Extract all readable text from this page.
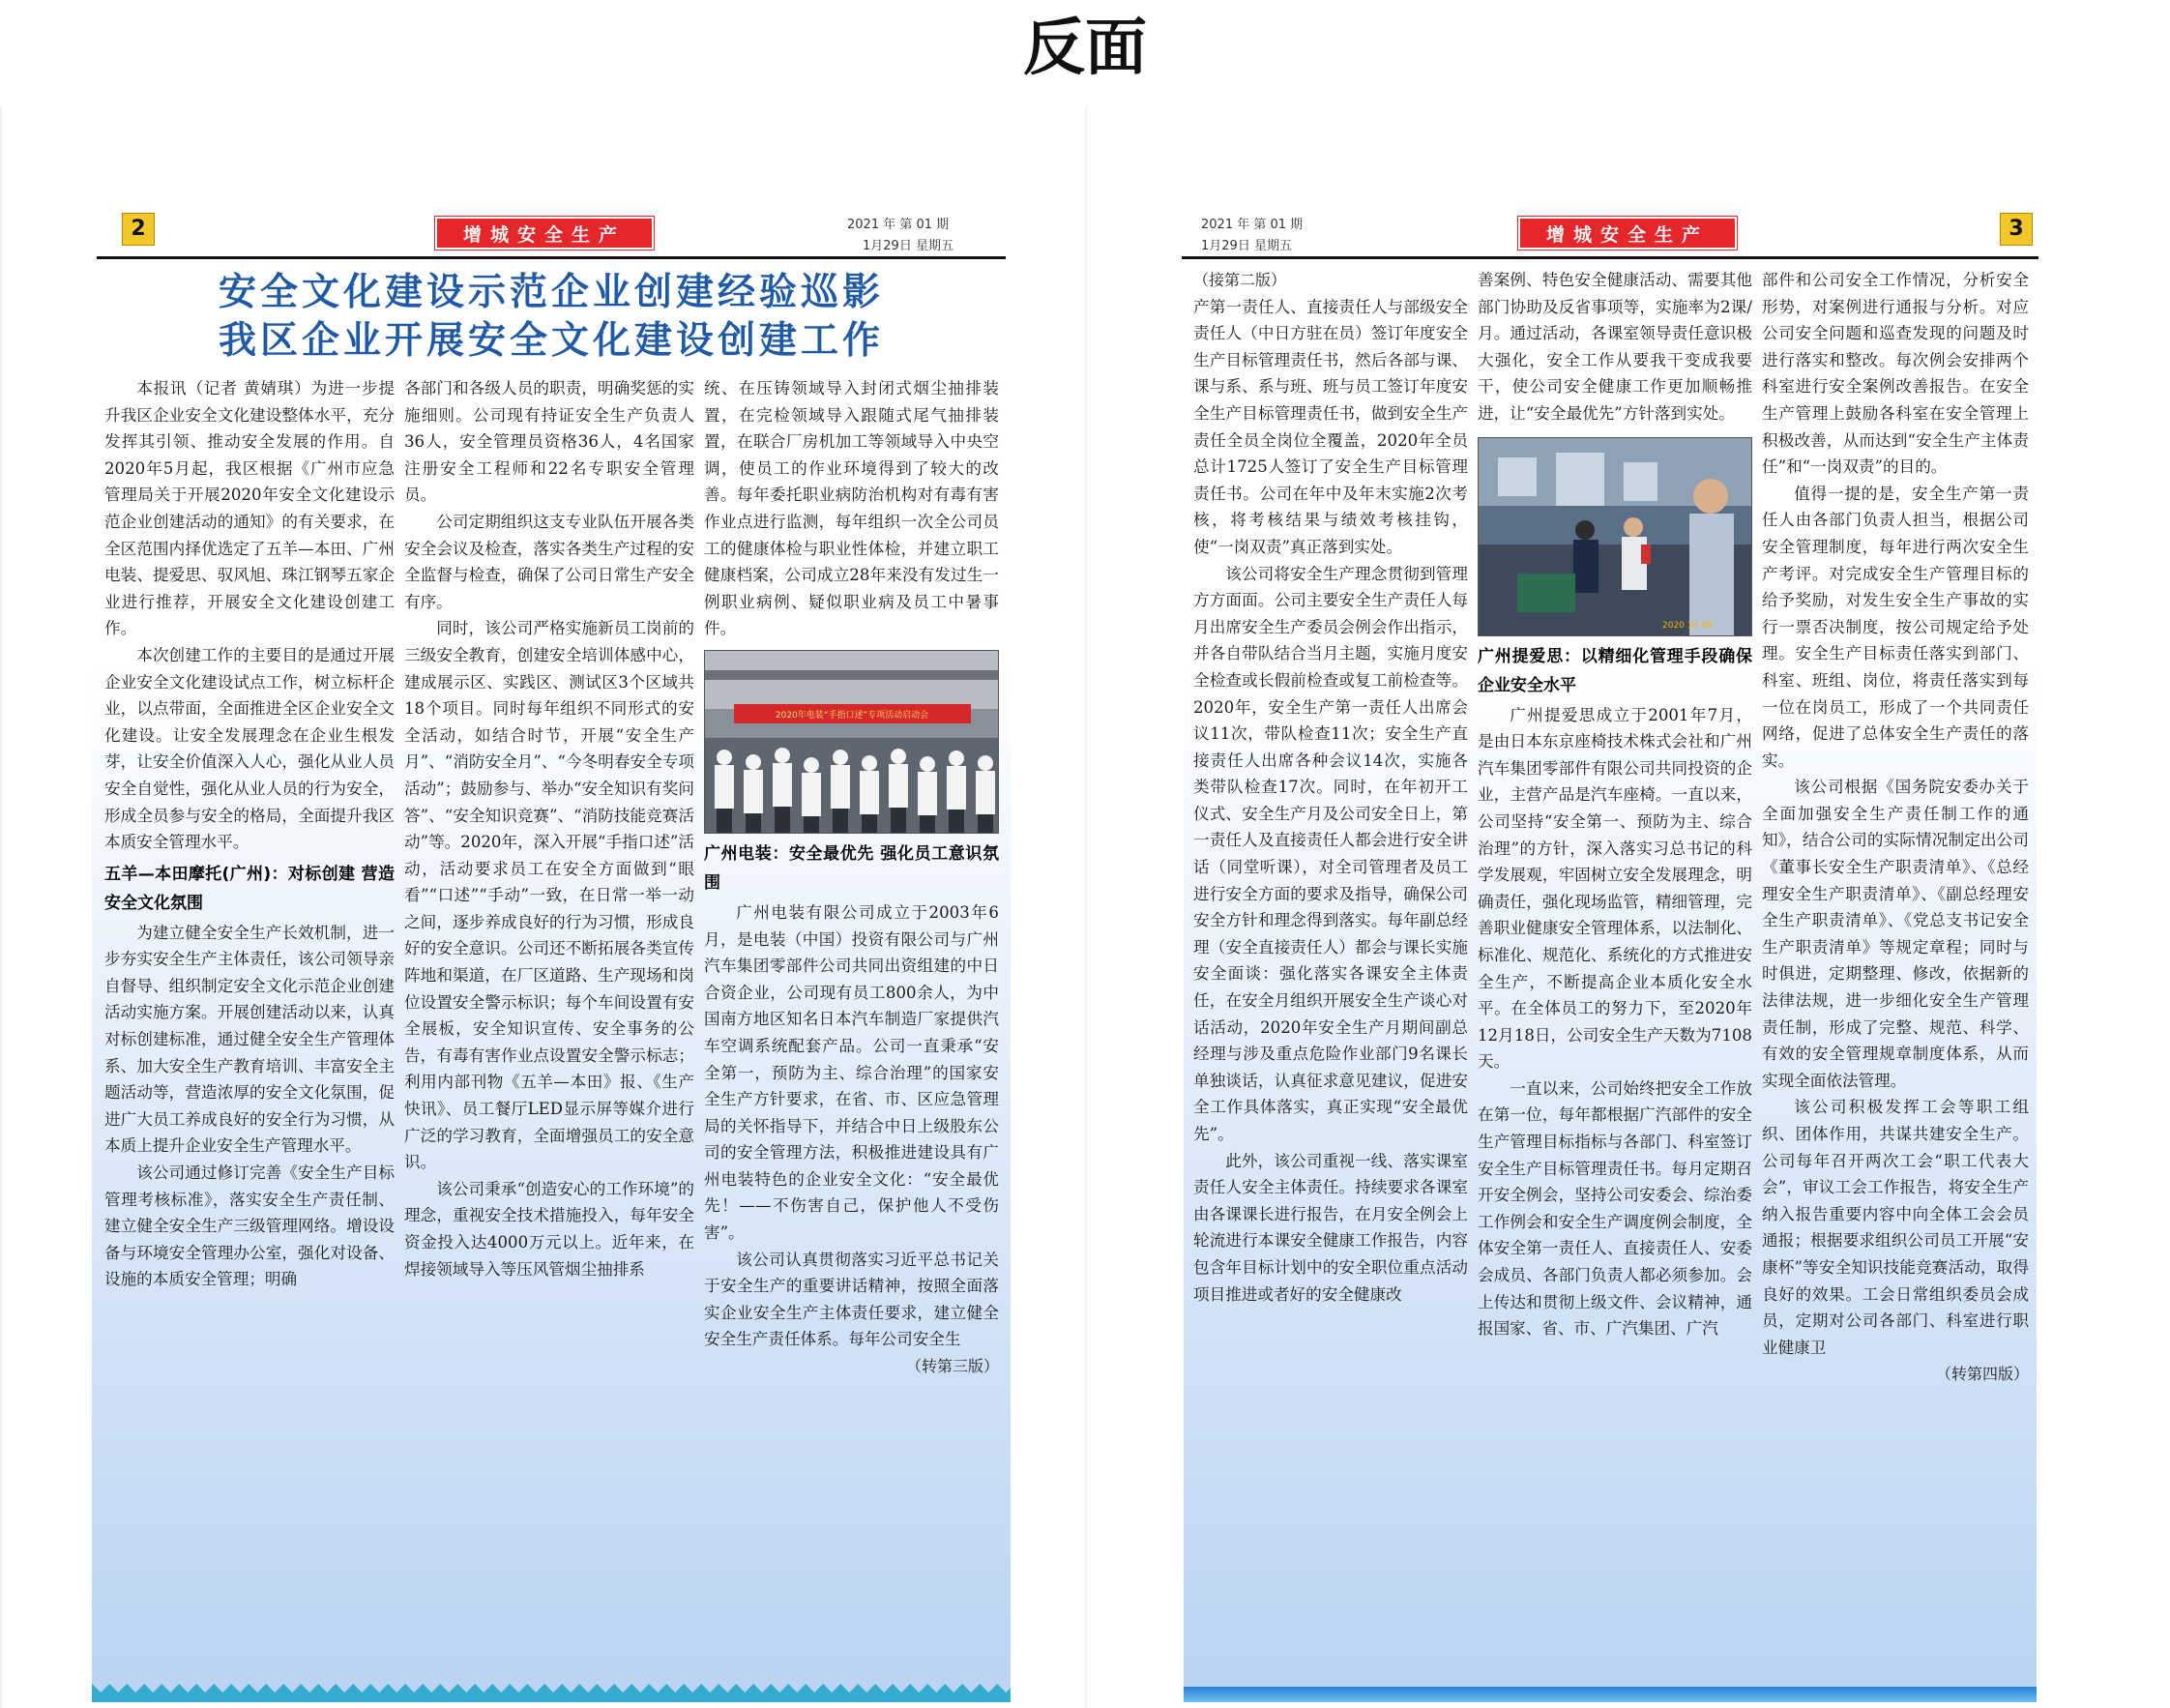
反面
2	增城安全生产	2021 年 第 01 期
1月29日 星期五
安全文化建设示范企业创建经验巡影
我区企业开展安全文化建设创建工作

本报讯（记者 黄婧琪）为进一步提升我区企业安全文化建设整体水平，充分发挥其引领、推动安全发展的作用。自2020年5月起，我区根据《广州市应急管理局关于开展2020年安全文化建设示范企业创建活动的通知》的有关要求，在全区范围内择优选定了五羊—本田、广州电装、提爱思、驭风旭、珠江钢琴五家企业进行推荐，开展安全文化建设创建工作。

本次创建工作的主要目的是通过开展企业安全文化建设试点工作，树立标杆企业，以点带面，全面推进全区企业安全文化建设。让安全发展理念在企业生根发芽，让安全价值深入人心，强化从业人员安全自觉性，强化从业人员的行为安全，形成全员参与安全的格局，全面提升我区本质安全管理水平。

五羊—本田摩托(广州)：对标创建 营造安全文化氛围

为建立健全安全生产长效机制，进一步夯实安全生产主体责任，该公司领导亲自督导、组织制定安全文化示范企业创建活动实施方案。开展创建活动以来，认真对标创建标准，通过健全安全生产管理体系、加大安全生产教育培训、丰富安全主题活动等，营造浓厚的安全文化氛围，促进广大员工养成良好的安全行为习惯，从本质上提升企业安全生产管理水平。

该公司通过修订完善《安全生产目标管理考核标准》，落实安全生产责任制、建立健全安全生产三级管理网络。增设设备与环境安全管理办公室，强化对设备、设施的本质安全管理；明确

各部门和各级人员的职责，明确奖惩的实施细则。公司现有持证安全生产负责人36人，安全管理员资格36人，4名国家注册安全工程师和22名专职安全管理员。

公司定期组织这支专业队伍开展各类安全会议及检查，落实各类生产过程的安全监督与检查，确保了公司日常生产安全有序。

同时，该公司严格实施新员工岗前的三级安全教育，创建安全培训体感中心，建成展示区、实践区、测试区3个区域共18个项目。同时每年组织不同形式的安全活动，如结合时节，开展“安全生产月”、“消防安全月”、“今冬明春安全专项活动”；鼓励参与、举办“安全知识有奖问答”、“安全知识竞赛”、“消防技能竞赛活动”等。2020年，深入开展“手指口述”活动，活动要求员工在安全方面做到“眼看”“口述”“手动”一致，在日常一举一动之间，逐步养成良好的行为习惯，形成良好的安全意识。公司还不断拓展各类宣传阵地和渠道，在厂区道路、生产现场和岗位设置安全警示标识；每个车间设置有安全展板，安全知识宣传、安全事务的公告，有毒有害作业点设置安全警示标志；利用内部刊物《五羊—本田》报、《生产快讯》、员工餐厅LED显示屏等媒介进行广泛的学习教育，全面增强员工的安全意识。

该公司秉承“创造安心的工作环境”的理念，重视安全技术措施投入，每年安全资金投入达4000万元以上。近年来，在焊接领域导入等压风管烟尘抽排系

统、在压铸领域导入封闭式烟尘抽排装置，在完检领域导入跟随式尾气抽排装置，在联合厂房机加工等领域导入中央空调，使员工的作业环境得到了较大的改善。每年委托职业病防治机构对有毒有害作业点进行监测，每年组织一次全公司员工的健康体检与职业性体检，并建立职工健康档案，公司成立28年来没有发过生一例职业病例、疑似职业病及员工中暑事件。

2020年电装“手指口述”专项活动启动会
广州电装：安全最优先 强化员工意识氛围

广州电装有限公司成立于2003年6月，是电装（中国）投资有限公司与广州汽车集团零部件公司共同出资组建的中日合资企业，公司现有员工800余人，为中国南方地区知名日本汽车制造厂家提供汽车空调系统配套产品。公司一直秉承“安全第一，预防为主、综合治理”的国家安全生产方针要求，在省、市、区应急管理局的关怀指导下，并结合中日上级股东公司的安全管理方法，积极推进建设具有广州电装特色的企业安全文化：“安全最优先！——不伤害自己，保护他人不受伤害”。

该公司认真贯彻落实习近平总书记关于安全生产的重要讲话精神，按照全面落实企业安全生产主体责任要求，建立健全安全生产责任体系。每年公司安全生

（转第三版）
2021 年 第 01 期
1月29日 星期五
增城安全生产	3
（接第二版）

产第一责任人、直接责任人与部级安全责任人（中日方驻在员）签订年度安全生产目标管理责任书，然后各部与课、课与系、系与班、班与员工签订年度安全生产目标管理责任书，做到安全生产责任全员全岗位全覆盖，2020年全员总计1725人签订了安全生产目标管理责任书。公司在年中及年末实施2次考核，将考核结果与绩效考核挂钩，使“一岗双责”真正落到实处。

该公司将安全生产理念贯彻到管理方方面面。公司主要安全生产责任人每月出席安全生产委员会例会作出指示，并各自带队结合当月主题，实施月度安全检查或长假前检查或复工前检查等。2020年，安全生产第一责任人出席会议11次，带队检查11次；安全生产直接责任人出席各种会议14次，实施各类带队检查17次。同时，在年初开工仪式、安全生产月及公司安全日上，第一责任人及直接责任人都会进行安全讲话（同堂听课），对全司管理者及员工进行安全方面的要求及指导，确保公司安全方针和理念得到落实。每年副总经理（安全直接责任人）都会与课长实施安全面谈：强化落实各课安全主体责任，在安全月组织开展安全生产谈心对话活动，2020年安全生产月期间副总经理与涉及重点危险作业部门9名课长单独谈话，认真征求意见建议，促进安全工作具体落实，真正实现“安全最优先”。

此外，该公司重视一线、落实课室责任人安全主体责任。持续要求各课室由各课课长进行报告，在月安全例会上轮流进行本课安全健康工作报告，内容包含年目标计划中的安全职位重点活动项目推进或者好的安全健康改

善案例、特色安全健康活动、需要其他部门协助及反省事项等，实施率为2课/月。通过活动，各课室领导责任意识极大强化，安全工作从要我干变成我要干，使公司安全健康工作更加顺畅推进，让“安全最优先”方针落到实处。

2020 10 09
广州提爱思：以精细化管理手段确保企业安全水平

广州提爱思成立于2001年7月，是由日本东京座椅技术株式会社和广州汽车集团零部件有限公司共同投资的企业，主营产品是汽车座椅。一直以来，公司坚持“安全第一、预防为主、综合治理”的方针，深入落实习总书记的科学发展观，牢固树立安全发展理念，明确责任，强化现场监管，精细管理，完善职业健康安全管理体系，以法制化、标准化、规范化、系统化的方式推进安全生产，不断提高企业本质化安全水平。在全体员工的努力下，至2020年12月18日，公司安全生产天数为7108天。

一直以来，公司始终把安全工作放在第一位，每年都根据广汽部件的安全生产管理目标指标与各部门、科室签订安全生产目标管理责任书。每月定期召开安全例会，坚持公司安委会、综治委工作例会和安全生产调度例会制度，全体安全第一责任人、直接责任人、安委会成员、各部门负责人都必须参加。会上传达和贯彻上级文件、会议精神，通报国家、省、市、广汽集团、广汽

部件和公司安全工作情况，分析安全形势，对案例进行通报与分析。对应公司安全问题和巡查发现的问题及时进行落实和整改。每次例会安排两个科室进行安全案例改善报告。在安全生产管理上鼓励各科室在安全管理上积极改善，从而达到“安全生产主体责任”和“一岗双责”的目的。

值得一提的是，安全生产第一责任人由各部门负责人担当，根据公司安全管理制度，每年进行两次安全生产考评。对完成安全生产管理目标的给予奖励，对发生安全生产事故的实行一票否决制度，按公司规定给予处理。安全生产目标责任落实到部门、科室、班组、岗位，将责任落实到每一位在岗员工，形成了一个共同责任网络，促进了总体安全生产责任的落实。

该公司根据《国务院安委办关于全面加强安全生产责任制工作的通知》，结合公司的实际情况制定出公司《董事长安全生产职责清单》、《总经理安全生产职责清单》、《副总经理安全生产职责清单》、《党总支书记安全生产职责清单》等规定章程；同时与时俱进，定期整理、修改，依据新的法律法规，进一步细化安全生产管理责任制，形成了完整、规范、科学、有效的安全管理规章制度体系，从而实现全面依法管理。

该公司积极发挥工会等职工组织、团体作用，共谋共建安全生产。公司每年召开两次工会“职工代表大会”，审议工会工作报告，将安全生产纳入报告重要内容中向全体工会会员通报；根据要求组织公司员工开展“安康杯”等安全知识技能竞赛活动，取得良好的效果。工会日常组织委员会成员，定期对公司各部门、科室进行职业健康卫

（转第四版）
